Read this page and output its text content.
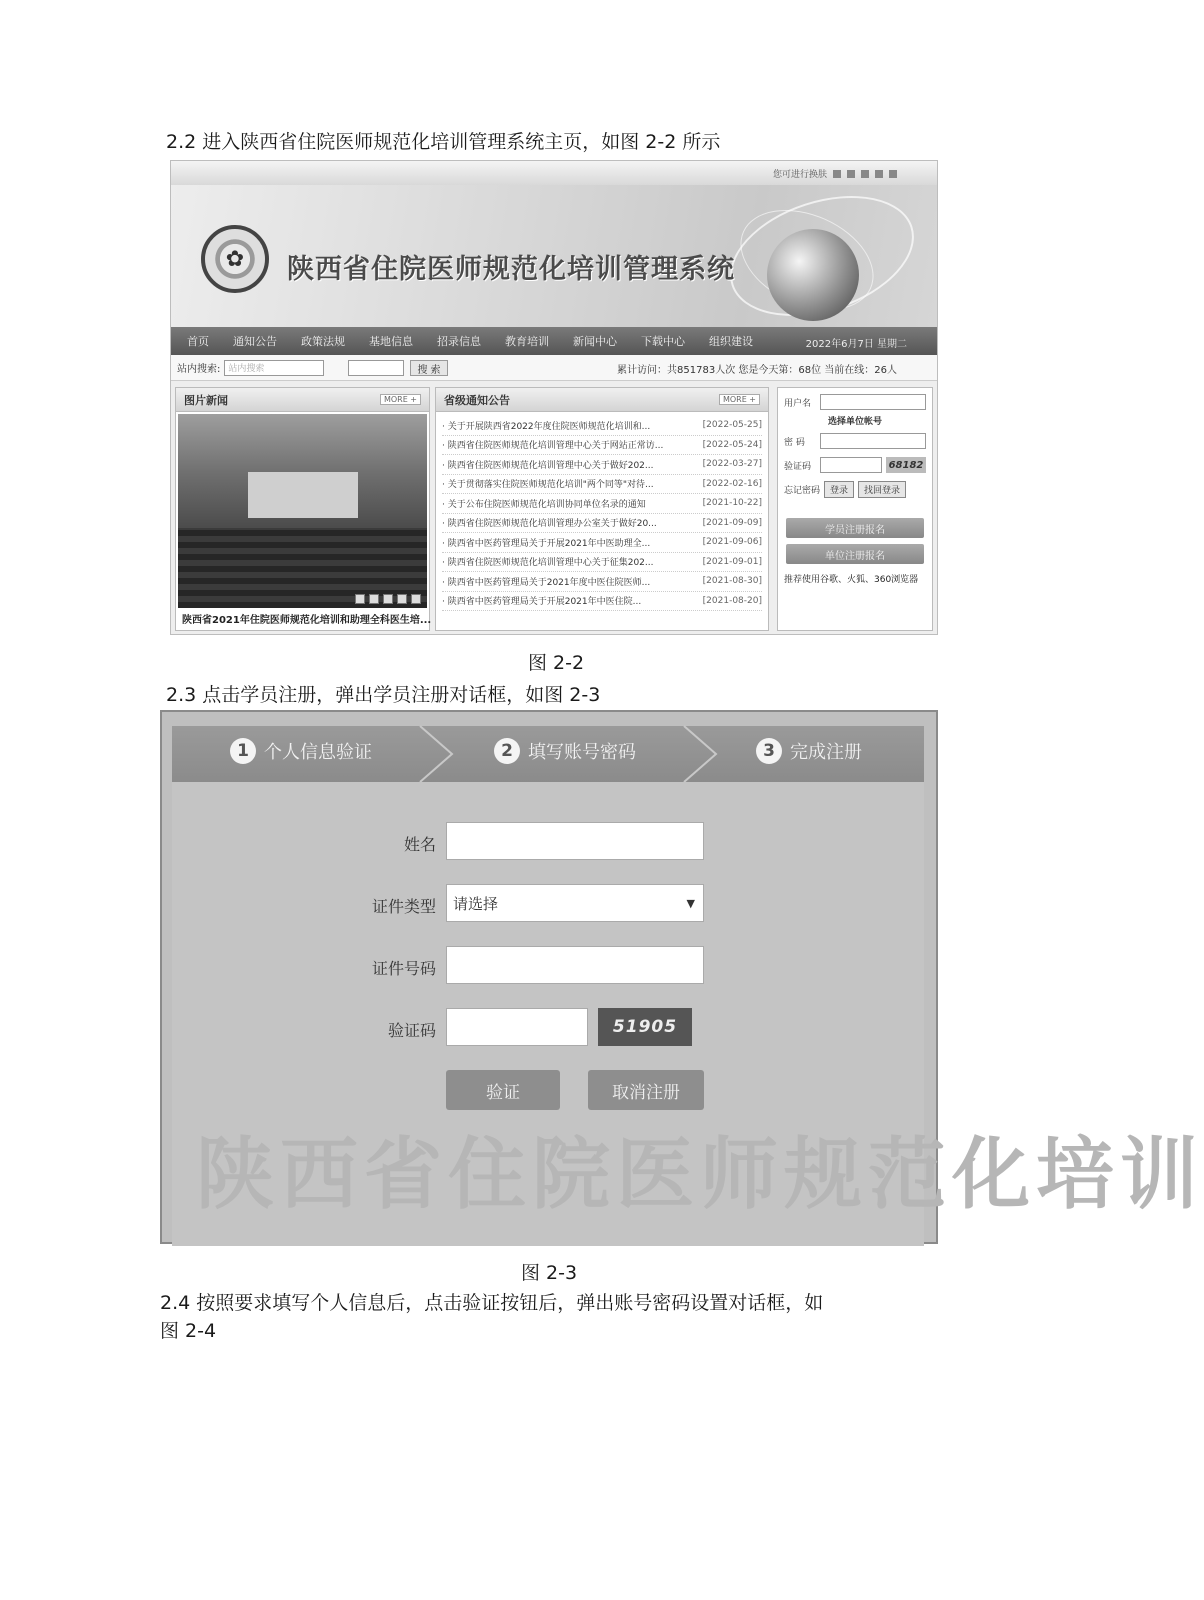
2.2 进入陕西省住院医师规范化培训管理系统主页，如图 2-2 所示
您可进行换肤
✿ 陕西省住院医师规范化培训管理系统
首页 通知公告 政策法规 基地信息 招录信息 教育培训 新闻中心 下载中心 组织建设	2022年6月7日 星期二
站内搜索: 站内搜索	搜 索	累计访问：共851783人次 您是今天第：68位 当前在线：26人
图片新闻	MORE +
陕西省2021年住院医师规范化培训和助理全科医生培...
省级通知公告	MORE +
· 关于开展陕西省2022年度住院医师规范化培训和...	[2022-05-25]
· 陕西省住院医师规范化培训管理中心关于网站正常访...	[2022-05-24]
· 陕西省住院医师规范化培训管理中心关于做好202...	[2022-03-27]
· 关于贯彻落实住院医师规范化培训"两个同等"对待...	[2022-02-16]
· 关于公布住院医师规范化培训协同单位名录的通知	[2021-10-22]
· 陕西省住院医师规范化培训管理办公室关于做好20...	[2021-09-09]
· 陕西省中医药管理局关于开展2021年中医助理全...	[2021-09-06]
· 陕西省住院医师规范化培训管理中心关于征集202...	[2021-09-01]
· 陕西省中医药管理局关于2021年度中医住院医师...	[2021-08-30]
· 陕西省中医药管理局关于开展2021年中医住院...	[2021-08-20]
用户名
选择单位帐号
密 码
验证码	68182
忘记密码	登录	找回登录
学员注册报名
单位注册报名
推荐使用谷歌、火狐、360浏览器
图 2-2
2.3 点击学员注册，弹出学员注册对话框，如图 2-3
1 个人信息验证	2 填写账号密码	3 完成注册
陕西省住院医师规范化培训
姓名
证件类型 请选择	▼
证件号码
验证码	51905
验证	取消注册
图 2-3
2.4 按照要求填写个人信息后，点击验证按钮后，弹出账号密码设置对话框，如
图 2-4
